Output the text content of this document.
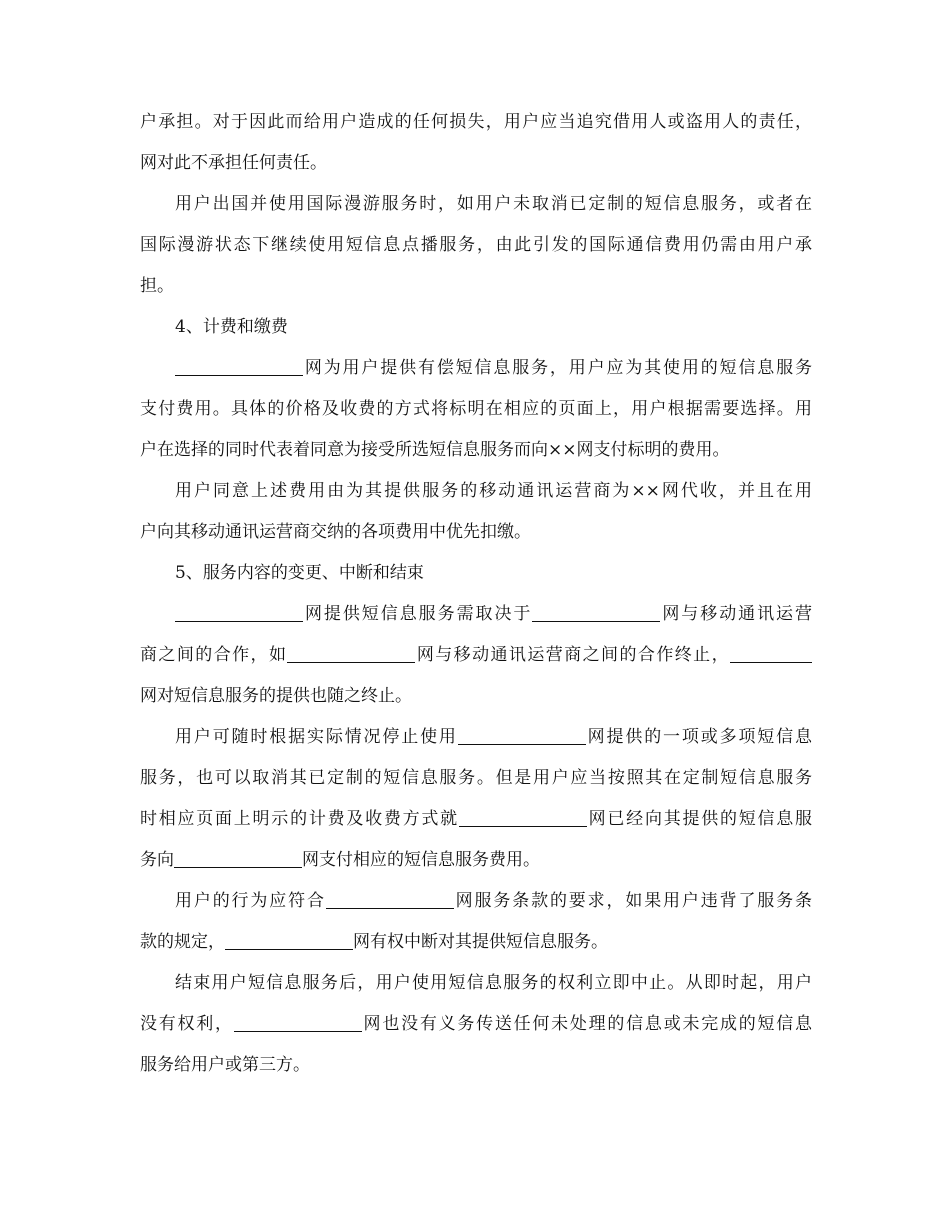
户承担。对于因此而给用户造成的任何损失，用户应当追究借用人或盗用人的责任，
网对此不承担任何责任。
用户出国并使用国际漫游服务时，如用户未取消已定制的短信息服务，或者在
国际漫游状态下继续使用短信息点播服务，由此引发的国际通信费用仍需由用户承
担。
4、计费和缴费
网为用户提供有偿短信息服务，用户应为其使用的短信息服务
支付费用。具体的价格及收费的方式将标明在相应的页面上，用户根据需要选择。用
户在选择的同时代表着同意为接受所选短信息服务而向××网支付标明的费用。
用户同意上述费用由为其提供服务的移动通讯运营商为××网代收，并且在用
户向其移动通讯运营商交纳的各项费用中优先扣缴。
5、服务内容的变更、中断和结束
网提供短信息服务需取决于	网与移动通讯运营
商之间的合作，如	网与移动通讯运营商之间的合作终止，
网对短信息服务的提供也随之终止。
用户可随时根据实际情况停止使用	网提供的一项或多项短信息
服务，也可以取消其已定制的短信息服务。但是用户应当按照其在定制短信息服务
时相应页面上明示的计费及收费方式就	网已经向其提供的短信息服
务向	网支付相应的短信息服务费用。
用户的行为应符合	网服务条款的要求，如果用户违背了服务条
款的规定，	网有权中断对其提供短信息服务。
结束用户短信息服务后，用户使用短信息服务的权利立即中止。从即时起，用户
没有权利，	网也没有义务传送任何未处理的信息或未完成的短信息
服务给用户或第三方。
